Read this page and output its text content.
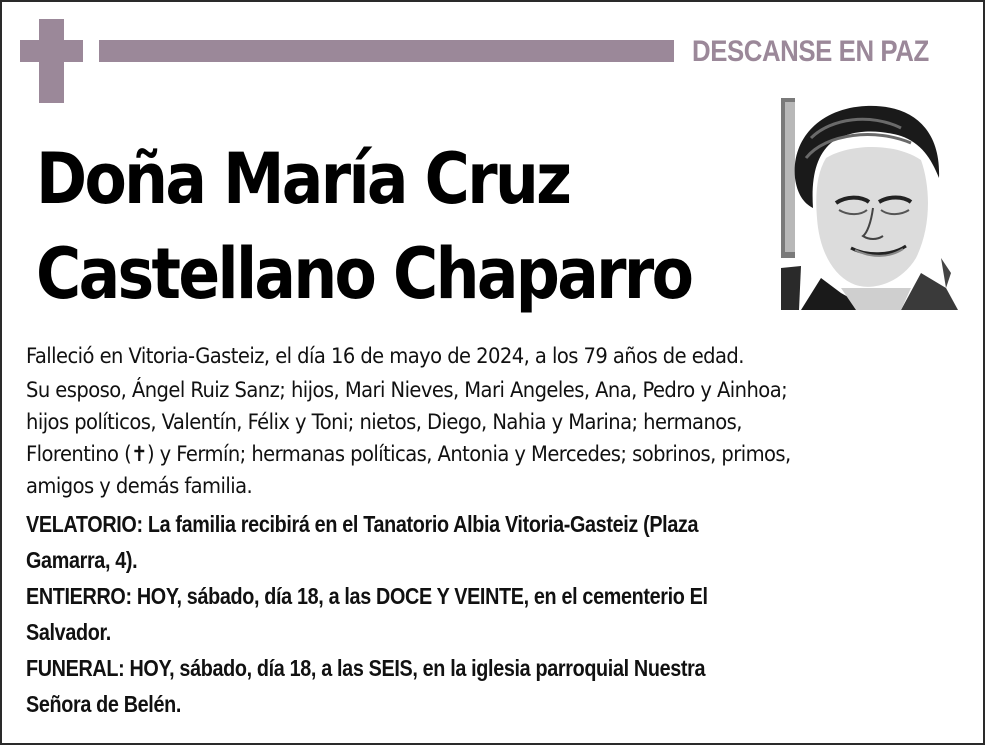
DESCANSE EN PAZ
Doña María Cruz
Castellano Chaparro
Falleció en Vitoria-Gasteiz, el día 16 de mayo de 2024, a los 79 años de edad.
Su esposo, Ángel Ruiz Sanz; hijos, Mari Nieves, Mari Angeles, Ana, Pedro y Ainhoa;
hijos políticos, Valentín, Félix y Toni; nietos, Diego, Nahia y Marina; hermanos,
Florentino (✝) y Fermín; hermanas políticas, Antonia y Mercedes; sobrinos, primos,
amigos y demás familia.
VELATORIO: La familia recibirá en el Tanatorio Albia Vitoria-Gasteiz (Plaza
Gamarra, 4).
ENTIERRO: HOY, sábado, día 18, a las DOCE Y VEINTE, en el cementerio El
Salvador.
FUNERAL: HOY, sábado, día 18, a las SEIS, en la iglesia parroquial Nuestra
Señora de Belén.
